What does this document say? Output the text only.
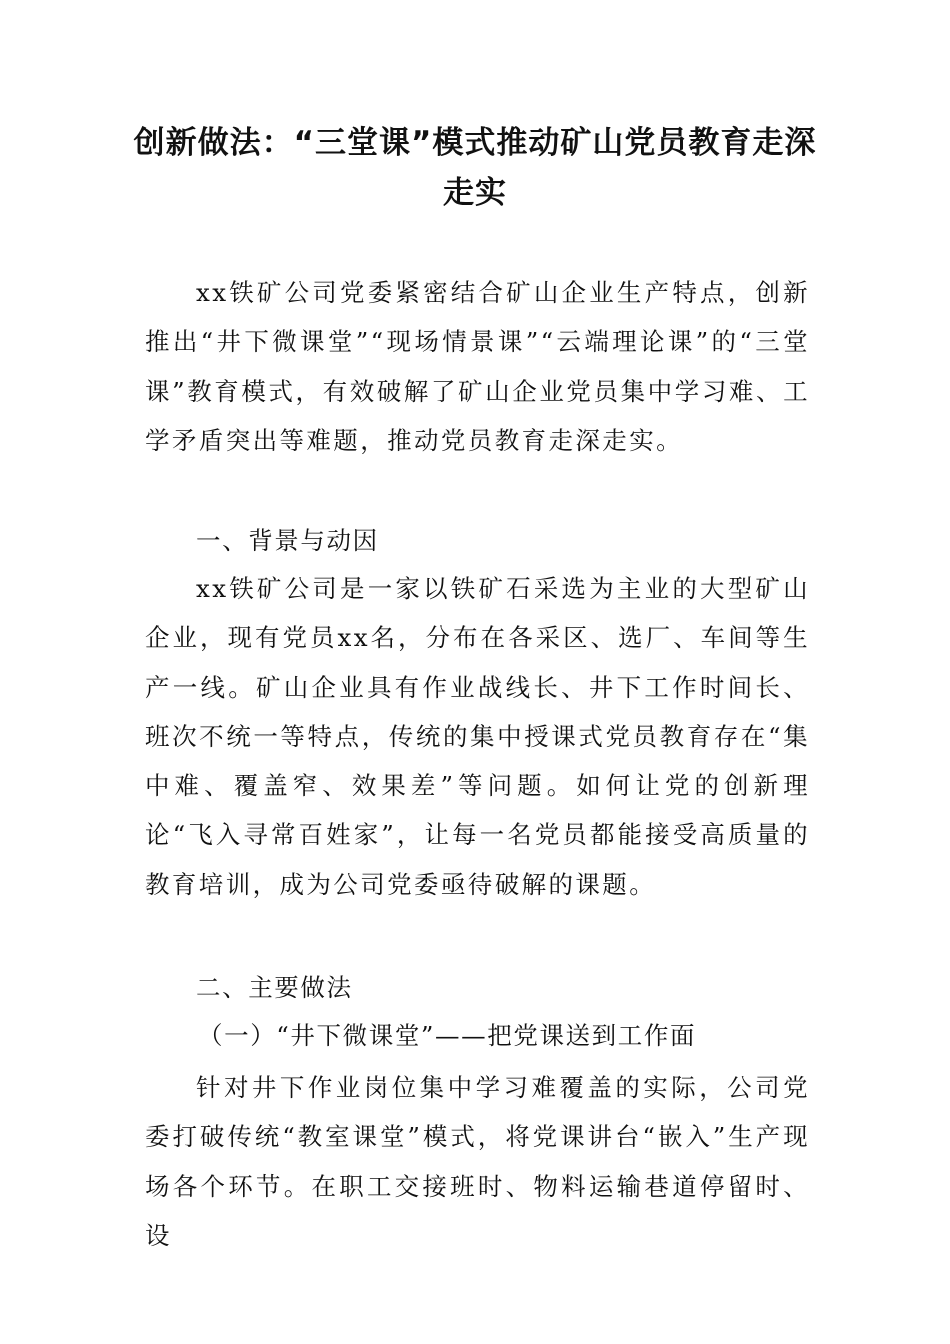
创新做法：“三堂课”模式推动矿山党员教育走深走实

xx铁矿公司党委紧密结合矿山企业生产特点，创新推出“井下微课堂”“现场情景课”“云端理论课”的“三堂课”教育模式，有效破解了矿山企业党员集中学习难、工学矛盾突出等难题，推动党员教育走深走实。

一、背景与动因

xx铁矿公司是一家以铁矿石采选为主业的大型矿山企业，现有党员xx名，分布在各采区、选厂、车间等生产一线。矿山企业具有作业战线长、井下工作时间长、班次不统一等特点，传统的集中授课式党员教育存在“集中难、覆盖窄、效果差”等问题。如何让党的创新理论“飞入寻常百姓家”，让每一名党员都能接受高质量的教育培训，成为公司党委亟待破解的课题。

二、主要做法
（一）“井下微课堂”——把党课送到工作面

针对井下作业岗位集中学习难覆盖的实际，公司党委打破传统“教室课堂”模式，将党课讲台“嵌入”生产现场各个环节。在职工交接班时、物料运输巷道停留时、设
